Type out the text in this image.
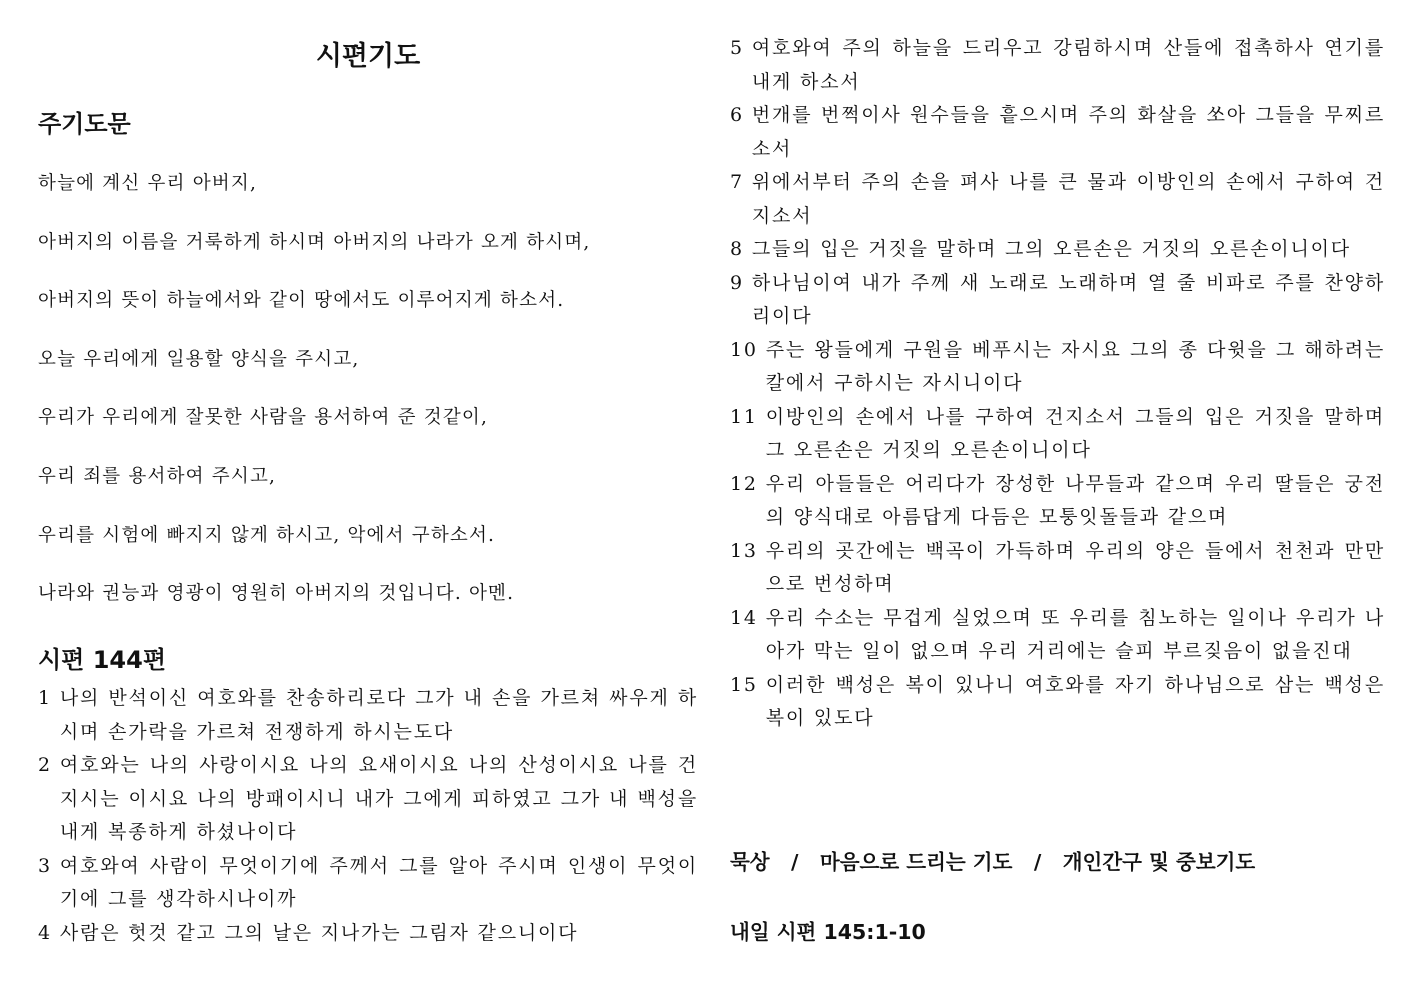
시편기도
주기도문
하늘에 계신 우리 아버지,
아버지의 이름을 거룩하게 하시며 아버지의 나라가 오게 하시며,
아버지의 뜻이 하늘에서와 같이 땅에서도 이루어지게 하소서.
오늘 우리에게 일용할 양식을 주시고,
우리가 우리에게 잘못한 사람을 용서하여 준 것같이,
우리 죄를 용서하여 주시고,
우리를 시험에 빠지지 않게 하시고, 악에서 구하소서.
나라와 권능과 영광이 영원히 아버지의 것입니다. 아멘.
시편 144편
1 나의 반석이신 여호와를 찬송하리로다 그가 내 손을 가르쳐 싸우게 하시며 손가락을 가르쳐 전쟁하게 하시는도다
2 여호와는 나의 사랑이시요 나의 요새이시요 나의 산성이시요 나를 건지시는 이시요 나의 방패이시니 내가 그에게 피하였고 그가 내 백성을 내게 복종하게 하셨나이다
3 여호와여 사람이 무엇이기에 주께서 그를 알아 주시며 인생이 무엇이기에 그를 생각하시나이까
4 사람은 헛것 같고 그의 날은 지나가는 그림자 같으니이다
5 여호와여 주의 하늘을 드리우고 강림하시며 산들에 접촉하사 연기를 내게 하소서
6 번개를 번쩍이사 원수들을 흩으시며 주의 화살을 쏘아 그들을 무찌르소서
7 위에서부터 주의 손을 펴사 나를 큰 물과 이방인의 손에서 구하여 건지소서
8 그들의 입은 거짓을 말하며 그의 오른손은 거짓의 오른손이니이다
9 하나님이여 내가 주께 새 노래로 노래하며 열 줄 비파로 주를 찬양하리이다
10 주는 왕들에게 구원을 베푸시는 자시요 그의 종 다윗을 그 해하려는 칼에서 구하시는 자시니이다
11 이방인의 손에서 나를 구하여 건지소서 그들의 입은 거짓을 말하며 그 오른손은 거짓의 오른손이니이다
12 우리 아들들은 어리다가 장성한 나무들과 같으며 우리 딸들은 궁전의 양식대로 아름답게 다듬은 모퉁잇돌들과 같으며
13 우리의 곳간에는 백곡이 가득하며 우리의 양은 들에서 천천과 만만으로 번성하며
14 우리 수소는 무겁게 실었으며 또 우리를 침노하는 일이나 우리가 나아가 막는 일이 없으며 우리 거리에는 슬피 부르짖음이 없을진대
15 이러한 백성은 복이 있나니 여호와를 자기 하나님으로 삼는 백성은 복이 있도다

묵상   /   마음으로 드리는 기도   /   개인간구 및 중보기도

내일 시편 145:1-10
